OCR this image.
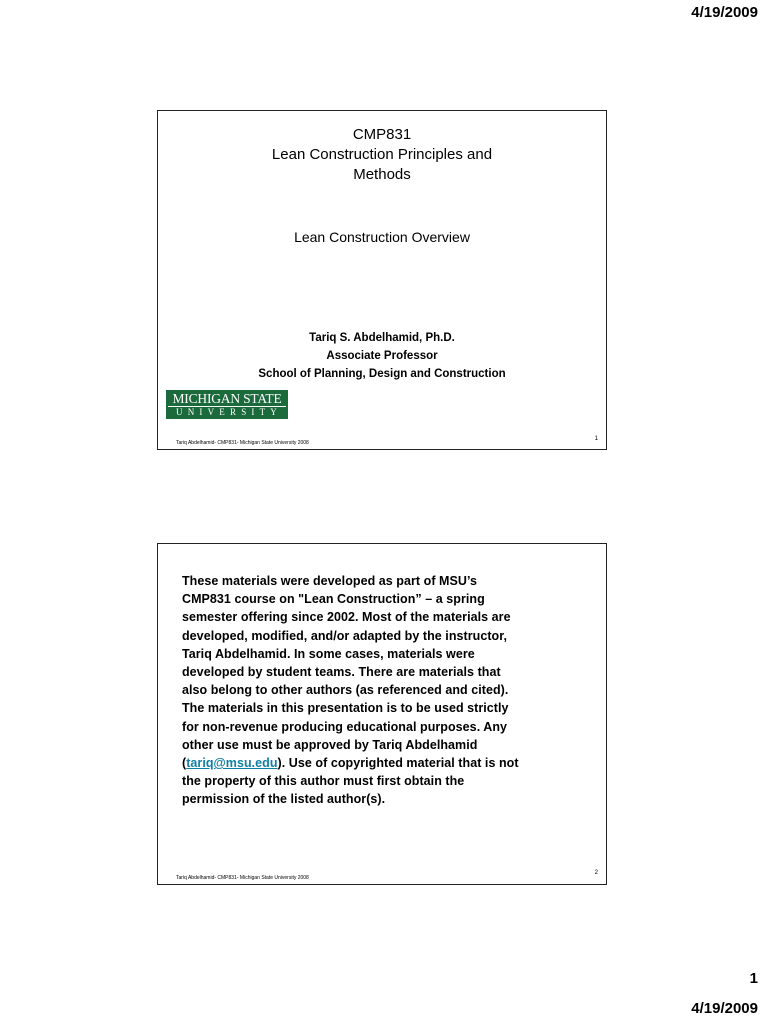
4/19/2009
CMP831
Lean Construction Principles and
Methods
Lean Construction Overview
Tariq S. Abdelhamid, Ph.D.
Associate Professor
School of Planning, Design and Construction
MICHIGAN STATE
UNIVERSITY
Tariq Abdelhamid- CMP831- Michigan State University 2008
1
These materials were developed as part of MSU’s
CMP831 course on "Lean Construction” – a spring
semester offering since 2002. Most of the materials are
developed, modified, and/or adapted by the instructor,
Tariq Abdelhamid. In some cases, materials were
developed by student teams. There are materials that
also belong to other authors (as referenced and cited).
The materials in this presentation is to be used strictly
for non-revenue producing educational purposes. Any
other use must be approved by Tariq Abdelhamid
(tariq@msu.edu). Use of copyrighted material that is not
the property of this author must first obtain the
permission of the listed author(s).
Tariq Abdelhamid- CMP831- Michigan State University 2008
2
1
4/19/2009
